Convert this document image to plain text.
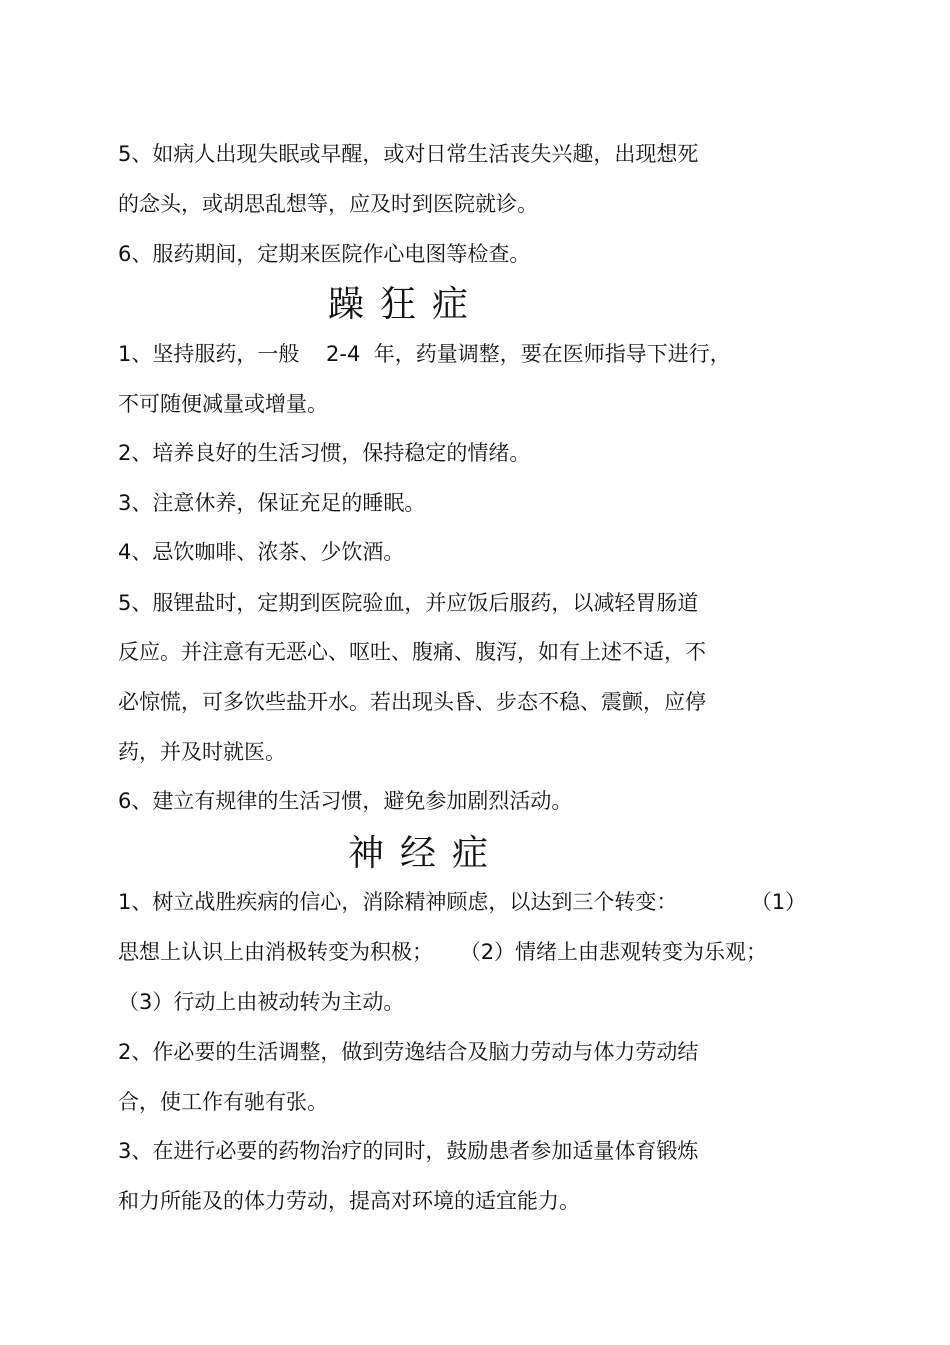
5、如病人出现失眠或早醒，或对日常生活丧失兴趣，出现想死
的念头，或胡思乱想等，应及时到医院就诊。
6、服药期间，定期来医院作心电图等检查。
躁狂症
1、坚持服药，一般    2-4  年，药量调整，要在医师指导下进行，
不可随便减量或增量。
2、培养良好的生活习惯，保持稳定的情绪。
3、注意休养，保证充足的睡眠。
4、忌饮咖啡、浓茶、少饮酒。
5、服锂盐时，定期到医院验血，并应饭后服药，以减轻胃肠道
反应。并注意有无恶心、呕吐、腹痛、腹泻，如有上述不适，不
必惊慌，可多饮些盐开水。若出现头昏、步态不稳、震颤，应停
药，并及时就医。
6、建立有规律的生活习惯，避免参加剧烈活动。
神经症
1、树立战胜疾病的信心，消除精神顾虑，以达到三个转变：           （1）
思想上认识上由消极转变为积极；    （2）情绪上由悲观转变为乐观；
（3）行动上由被动转为主动。
2、作必要的生活调整，做到劳逸结合及脑力劳动与体力劳动结
合，使工作有驰有张。
3、在进行必要的药物治疗的同时，鼓励患者参加适量体育锻炼
和力所能及的体力劳动，提高对环境的适宜能力。
